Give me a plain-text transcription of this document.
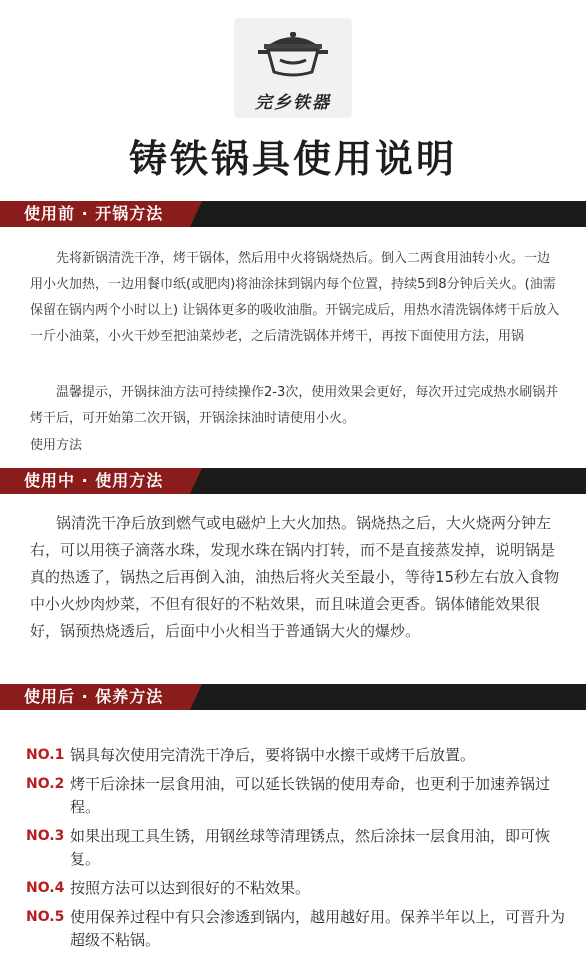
完乡铁器
铸铁锅具使用说明
使用前 · 开锅方法
先将新锅清洗干净，烤干锅体，然后用中火将锅烧热后。倒入二两食用油转小火。一边用小火加热，一边用餐巾纸(或肥肉)将油涂抹到锅内每个位置，持续5到8分钟后关火。(油需保留在锅内两个小时以上) 让锅体更多的吸收油脂。开锅完成后，用热水清洗锅体烤干后放入一斤小油菜，小火干炒至把油菜炒老，之后清洗锅体并烤干，再按下面使用方法，用锅
温馨提示，开锅抹油方法可持续操作2-3次，使用效果会更好，每次开过完成热水刷锅并烤干后，可开始第二次开锅，开锅涂抹油时请使用小火。
使用方法
使用中 · 使用方法
锅清洗干净后放到燃气或电磁炉上大火加热。锅烧热之后，大火烧两分钟左右，可以用筷子滴落水珠，发现水珠在锅内打转，而不是直接蒸发掉，说明锅是真的热透了，锅热之后再倒入油，油热后将火关至最小，等待15秒左右放入食物中小火炒肉炒菜，不但有很好的不粘效果，而且味道会更香。锅体储能效果很好，锅预热烧透后，后面中小火相当于普通锅大火的爆炒。
使用后 · 保养方法
NO.1 锅具每次使用完清洗干净后，要将锅中水擦干或烤干后放置。
NO.2 烤干后涂抹一层食用油，可以延长铁锅的使用寿命，也更利于加速养锅过程。
NO.3 如果出现工具生锈，用钢丝球等清理锈点，然后涂抹一层食用油，即可恢复。
NO.4 按照方法可以达到很好的不粘效果。
NO.5 使用保养过程中有只会渗透到锅内，越用越好用。保养半年以上，可晋升为超级不粘锅。
